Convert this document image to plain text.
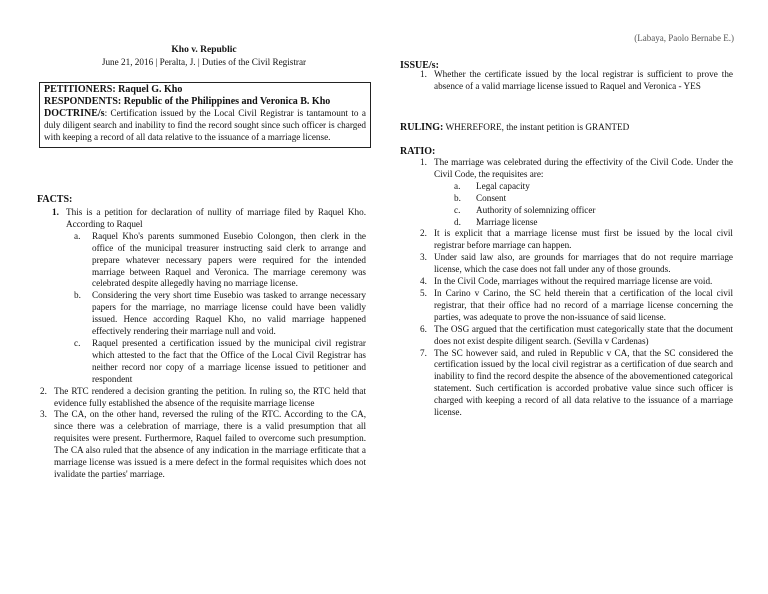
(Labaya, Paolo Bernabe E.)
Kho v. Republic
June 21, 2016 | Peralta, J. | Duties of the Civil Registrar
PETITIONERS: Raquel G. Kho
RESPONDENTS: Republic of the Philippines and Veronica B. Kho
DOCTRINE/s: Certification issued by the Local Civil Registrar is tantamount to a duly diligent search and inability to find the record sought since such officer is charged with keeping a record of all data relative to the issuance of a marriage license.
FACTS:
1. This is a petition for declaration of nullity of marriage filed by Raquel Kho. According to Raquel
a. Raquel Kho's parents summoned Eusebio Colongon, then clerk in the office of the municipal treasurer instructing said clerk to arrange and prepare whatever necessary papers were required for the intended marriage between Raquel and Veronica. The marriage ceremony was celebrated despite allegedly having no marriage license.
b. Considering the very short time Eusebio was tasked to arrange necessary papers for the marriage, no marriage license could have been validly issued. Hence according Raquel Kho, no valid marriage happened effectively rendering their marriage null and void.
c. Raquel presented a certification issued by the municipal civil registrar which attested to the fact that the Office of the Local Civil Registrar has neither record nor copy of a marriage license issued to petitioner and respondent
2. The RTC rendered a decision granting the petition. In ruling so, the RTC held that evidence fully established the absence of the requisite marriage license
3. The CA, on the other hand, reversed the ruling of the RTC. According to the CA, since there was a celebration of marriage, there is a valid presumption that all requisites were present. Furthermore, Raquel failed to overcome such presumption. The CA also ruled that the absence of any indication in the marriage erfiticate that a marriage license was issued is a mere defect in the formal requisites which does not ivalidate the parties' marriage.
ISSUE/s:
1. Whether the certificate issued by the local registrar is sufficient to prove the absence of a valid marriage license issued to Raquel and Veronica - YES
RULING: WHEREFORE, the instant petition is GRANTED
RATIO:
1. The marriage was celebrated during the effectivity of the Civil Code. Under the Civil Code, the requisites are:
a. Legal capacity
b. Consent
c. Authority of solemnizing officer
d. Marriage license
2. It is explicit that a marriage license must first be issued by the local civil registrar before marriage can happen.
3. Under said law also, are grounds for marriages that do not require marriage license, which the case does not fall under any of those grounds.
4. In the Civil Code, marriages without the required marriage license are void.
5. In Carino v Carino, the SC held therein that a certification of the local civil registrar, that their office had no record of a marriage license concerning the parties, was adequate to prove the non-issuance of said license.
6. The OSG argued that the certification must categorically state that the document does not exist despite diligent search. (Sevilla v Cardenas)
7. The SC however said, and ruled in Republic v CA, that the SC considered the certification issued by the local civil registrar as a certification of due search and inability to find the record despite the absence of the abovementioned categorical statement. Such certification is accorded probative value since such officer is charged with keeping a record of all data relative to the issuance of a marriage license.
